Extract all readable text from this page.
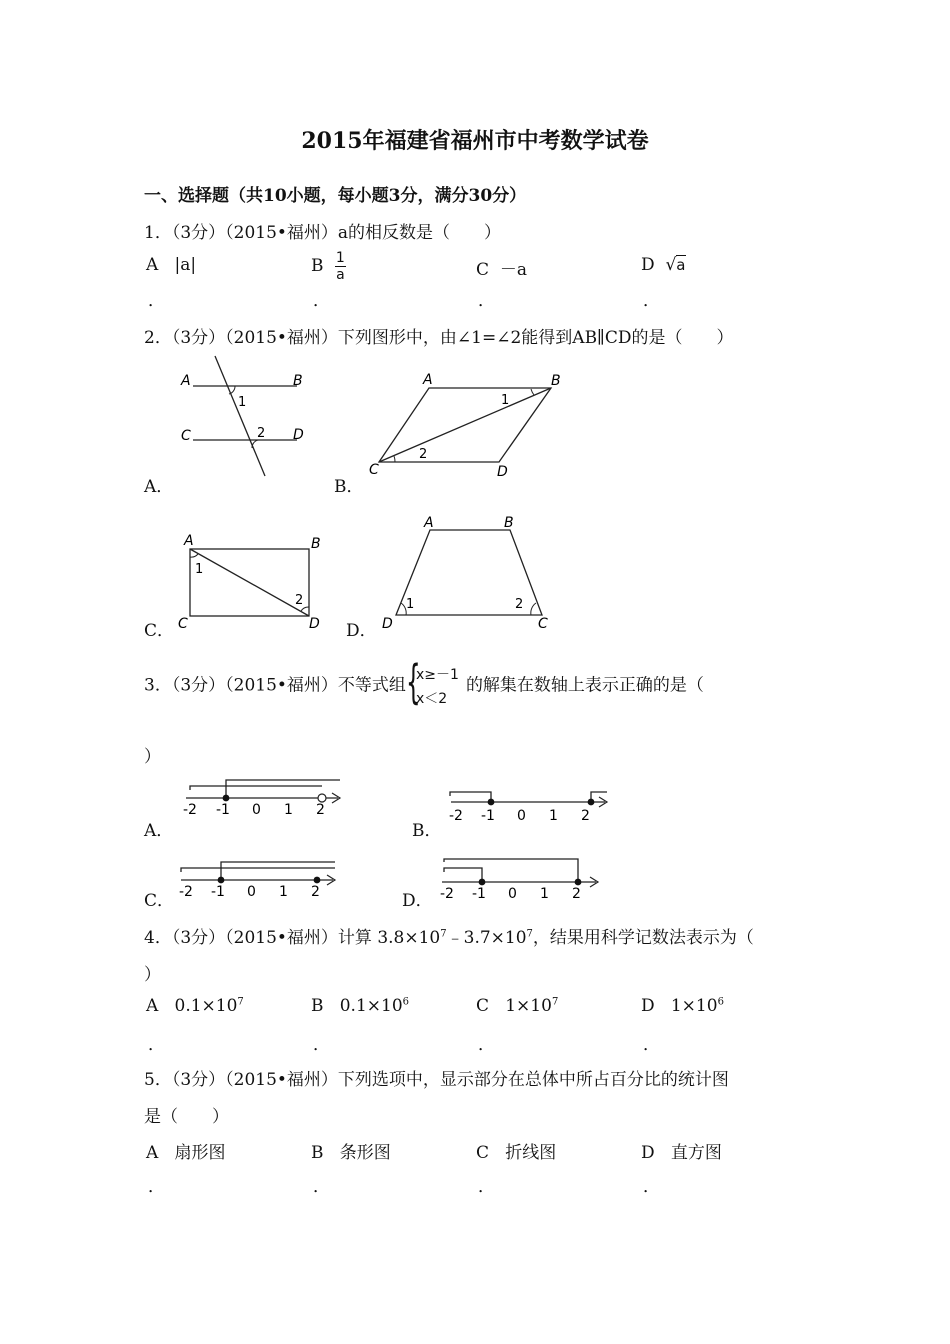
2015年福建省福州市中考数学试卷
一、选择题（共10小题，每小题3分，满分30分）
1．（3分）（2015•福州）a的相反数是（　　）
A |a|	B $\frac{1}{a}$	C －a	D √a
．	．	．	．
2．（3分）（2015•福州）下列图形中，由∠1=∠2能得到AB∥CD的是（　　）
A	B
C	D
1
2
A．
A	B
C	D
1
2
B．
A	B
C	D
1
2
C．
A	B
D	C
1	2
D．
3．（3分）（2015•福州）不等式组 {
x≥－1
x＜2
的解集在数轴上表示正确的是（
）
-2 -1 0 1 2
A．
-2 -1 0 1 2
B．
-2 -1 0 1 2
C．	-2 -1 0 1 2
D．
4．（3分）（2015•福州）计算 $3.8\times 10^7﹣3.7\times 10^7$，结果用科学记数法表示为（
）
A $0.1\times 10^7$	B $0.1\times 10^6$	C $1\times 10^7$	D $1\times 10^6$
．	．	．	．
5．（3分）（2015•福州）下列选项中，显示部分在总体中所占百分比的统计图
是（　　）
A 扇形图	B 条形图	C 折线图	D 直方图
．	．	．	．
